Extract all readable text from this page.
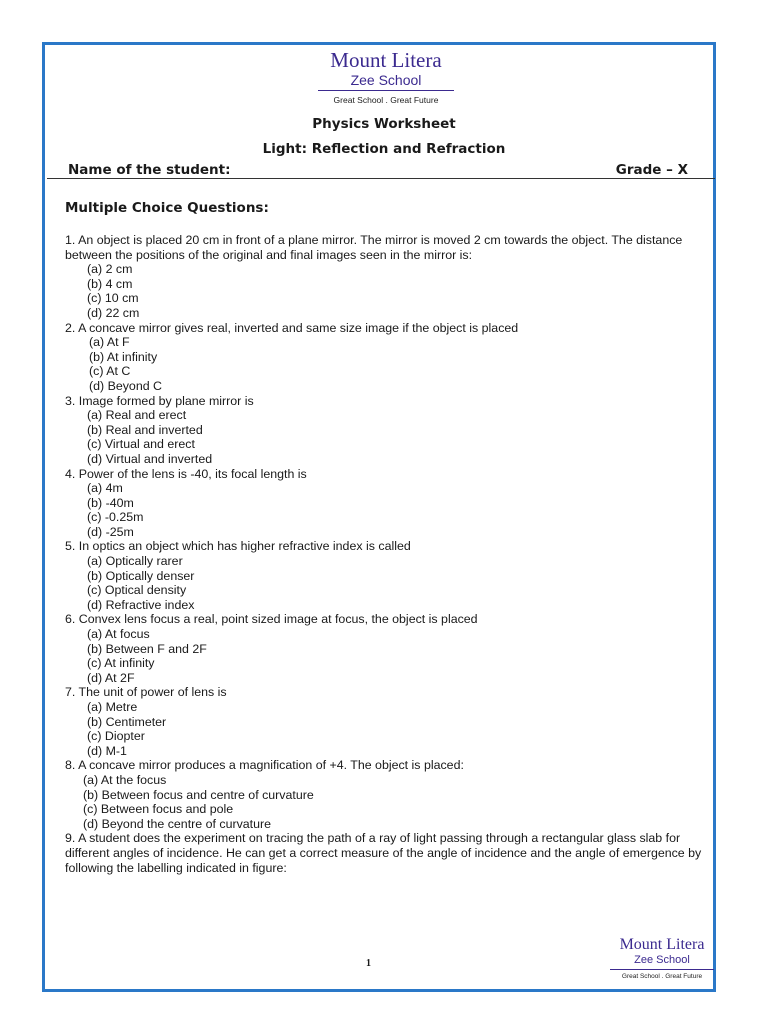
Mount Litera
Zee School
Great School . Great Future
Physics Worksheet
Light: Reflection and Refraction
Name of the student:	Grade – X
Multiple Choice Questions:
1. An object is placed 20 cm in front of a plane mirror. The mirror is moved 2 cm towards the object. The distance between the positions of the original and final images seen in the mirror is:
(a) 2 cm
(b) 4 cm
(c) 10 cm
(d) 22 cm
2. A concave mirror gives real, inverted and same size image if the object is placed
(a) At F
(b) At infinity
(c) At C
(d) Beyond C
3. Image formed by plane mirror is
(a) Real and erect
(b) Real and inverted
(c) Virtual and erect
(d) Virtual and inverted
4. Power of the lens is -40, its focal length is
(a) 4m
(b) -40m
(c) -0.25m
(d) -25m
5. In optics an object which has higher refractive index is called
(a) Optically rarer
(b) Optically denser
(c) Optical density
(d) Refractive index
6. Convex lens focus a real, point sized image at focus, the object is placed
(a) At focus
(b) Between F and 2F
(c) At infinity
(d) At 2F
7. The unit of power of lens is
(a) Metre
(b) Centimeter
(c) Diopter
(d) M-1
8. A concave mirror produces a magnification of +4. The object is placed:
(a) At the focus
(b) Between focus and centre of curvature
(c) Between focus and pole
(d) Beyond the centre of curvature
9. A student does the experiment on tracing the path of a ray of light passing through a rectangular glass slab for different angles of incidence. He can get a correct measure of the angle of incidence and the angle of emergence by following the labelling indicated in figure:
1
Mount Litera
Zee School
Great School . Great Future
